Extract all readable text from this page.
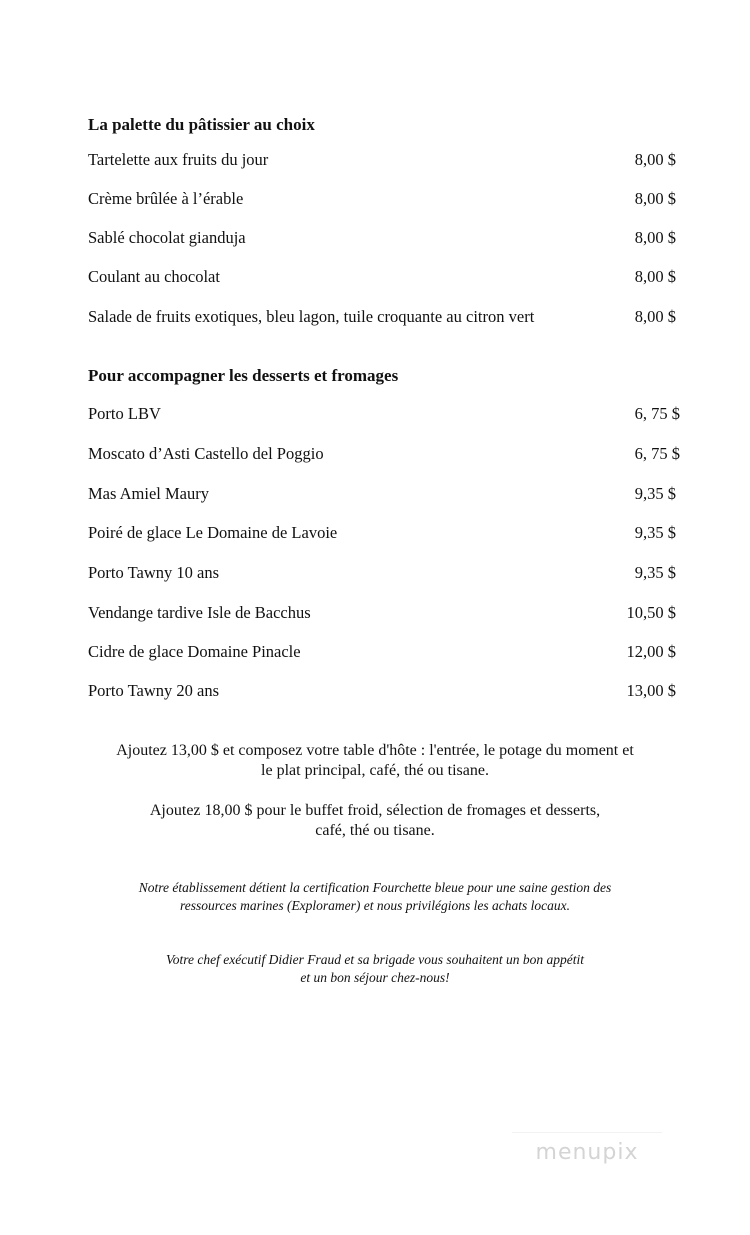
La palette du pâtissier au choix
Tartelette aux fruits du jour	8,00 $
Crème brûlée à l’érable	8,00 $
Sablé chocolat gianduja	8,00 $
Coulant au chocolat	8,00 $
Salade de fruits exotiques, bleu lagon, tuile croquante au citron vert	8,00 $
Pour accompagner les desserts et fromages
Porto LBV	6, 75 $
Moscato d’Asti Castello del Poggio	6, 75 $
Mas Amiel Maury	9,35 $
Poiré de glace Le Domaine de Lavoie	9,35 $
Porto Tawny 10 ans	9,35 $
Vendange tardive Isle de Bacchus	10,50 $
Cidre de glace Domaine Pinacle	12,00 $
Porto Tawny 20 ans	13,00 $
Ajoutez 13,00 $ et composez votre table d'hôte : l'entrée, le potage du moment et
le plat principal, café, thé ou tisane.
Ajoutez 18,00 $ pour le buffet froid, sélection de fromages et desserts,
café, thé ou tisane.
Notre établissement détient la certification Fourchette bleue pour une saine gestion des
ressources marines (Exploramer) et nous privilégions les achats locaux.
Votre chef exécutif Didier Fraud et sa brigade vous souhaitent un bon appétit
et un bon séjour chez-nous!
menupix
